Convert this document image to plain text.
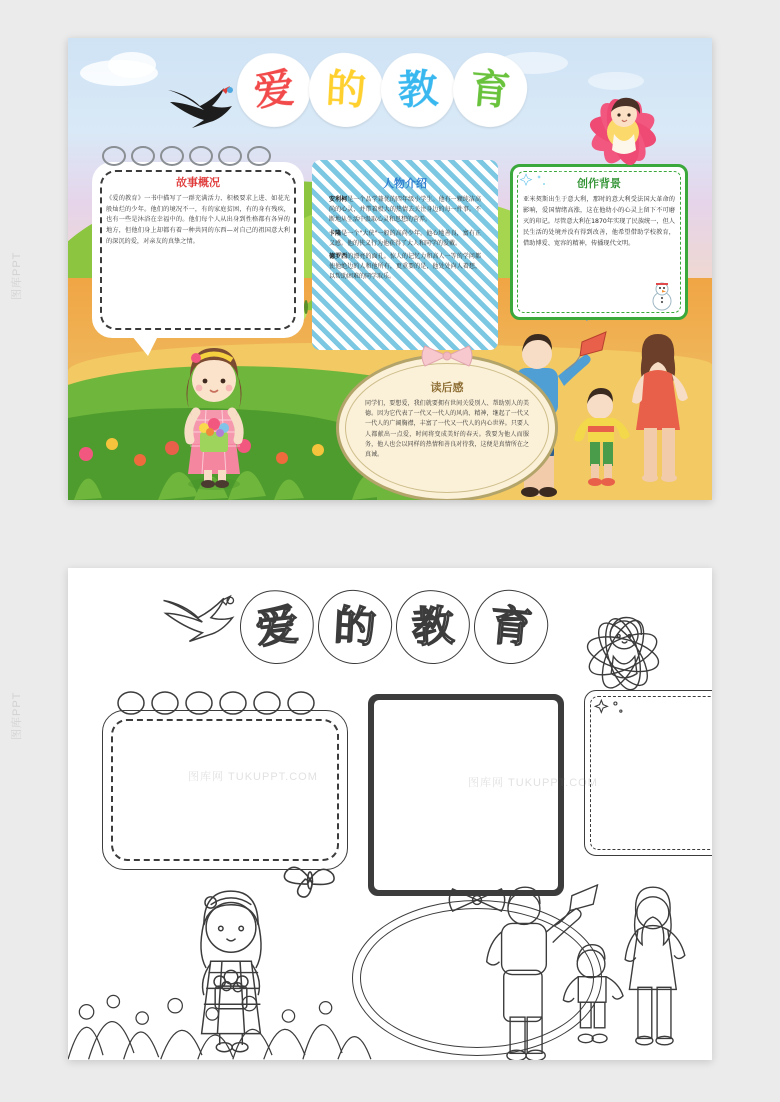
爱 的 教 育
故事概况
《爱的教育》一书中描写了一群充满活力、积极要求上进、如花光般灿烂的少年。他们的境况不一，有的家庭贫困，有的身有残疾，也有一些是沐浴在幸福中的。他们每个人从出身到性格都有各异的地方，但他们身上却都有着一种共同的东西—对自己的祖国意大利的深沉的爱，对亲友的真挚之情。
人物介绍

安利柯是一个品学兼优的四年级小学生。他有一颗纯洁高尚的心灵，并带着极大的热情去关注身边的每一件事。不断地从生活中汲取心灵和思想的营养。

卡隆是一个"大侠"一般的高尚少年。他心地善良，富有正义感。他的侠义行为他获得了大人和同学的爱戴。

德罗西的漂亮的面孔。惊人的记忆力和高人一等的学问都使他绝边的人和他所有，更重要的是，他处处向人着想，以帮助困难的同学取乐。

创作背景
亚米契斯出生于意大利，那时的意大利受法国大革命的影响，爱国情绪高涨，这在他幼小的心灵上留下不可磨灭的印记。尽管意大利在1870年实现了民族统一，但人民生活的处境并没有得到改善，他希望借助学校教育，借助博爱、宽容的精神，传播现代文明。
读后感
同学们，要想爱，我们就要拥有世间关爱别人、帮助别人的美德。因为它代表了一代又一代人的风尚、精神，继起了一代又一代人的广阔胸襟，丰富了一代又一代人的内心世界。只要人人都献出一点爱，时间将变成美好的春天。我要为他人而服务，他人也会以同样的热情和善良对待我，这便是真情所在之真诫。
搜公 TUKUPPT
爱 的 教 育
图库网 TUKUPPT.COM	图库网 TUKUPPT.COM
图库PPT
图库PPT
